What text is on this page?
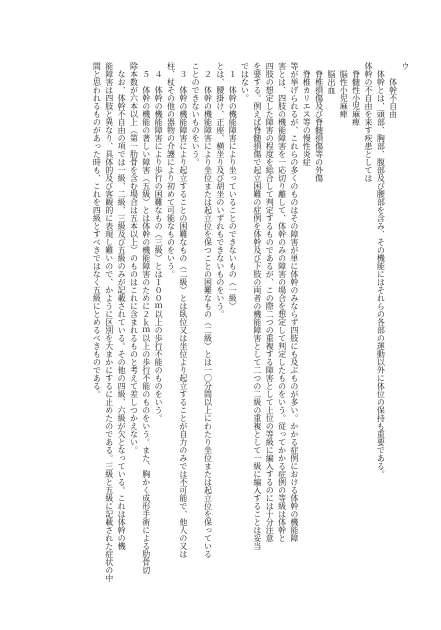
ウ
体幹不自由
体幹とは、頭部、胸部、腹部及び腰部を含み、その機能にはそれらの各部の運動以外に体位の保持も重要である。
体幹の不自由を来す疾患としては
脊髄性小児麻痺
脳性小児麻痺
脳出血
脊椎損傷及び脊髄損傷等の外傷
脊椎カリエス等の慢性炎症
等が挙げられるが、これらの多くのものはその障害が単に体幹のみならず四肢にも及ぶものが多い。かかる症例における体幹の機能障
害とは、四肢の機能障害を一応切り離して、体幹のみの障害の場合を想定して判定したものをいう。従ってかかる症例の等級は体幹と
四肢の想定した障害の程度を総合して判定するものであるが、この際二つの重複する障害として上位の等級に編入するのには十分注意
を要する。例えば脊髄損傷で起立困難の症例を体幹及び下肢の両者の機能障害として二つの二級の重複として一級に編入することは妥当
ではない。
１　体幹の機能障害により坐っていることのできないもの（一級）
とは、腰掛け、正座、横坐り及び胡坐のいずれもできないものをいう。
２　体幹の機能障害により坐位または起立位を保つことの困難なもの（二級）とは一〇分間以上にわたり坐位または起立位を保っている
ことのできないものをいう。
３　体幹の機能障害により起立することの困難なもの（二級）とは臥位又は坐位より起立することが自力のみでは不可能で、他人の又は
柱、杖その他の器物の介護により初めて可能なものをいう。
４　体幹の機能障害により歩行の困難なもの（三級）とは１００ｍ以上の歩行不能のものをいう。
５　体幹の機能の著しい障害（五級）とは体幹の機能障害のために２ｋｍ以上の歩行不能のものをいう。また、胸かく成形手術による肋骨切
除本数が六本以上（第一肋骨を含む場合は五本以上）のものはこれに含まれるものと考えて差しつかえない。
なお、体幹不自由の項では一級、二級、三級及び五級のみが記載されている。その他の四級、六級が欠となっている。これは体幹の機
能障害は四肢と異なり、具体的及び客観的に表現し難いので、かように区別を大まかにするに止めたのである。三級と五級に記載された症状の中
間と思われるものがあった時も、これを四級とすべきではなく五級にとめるべきものである。
